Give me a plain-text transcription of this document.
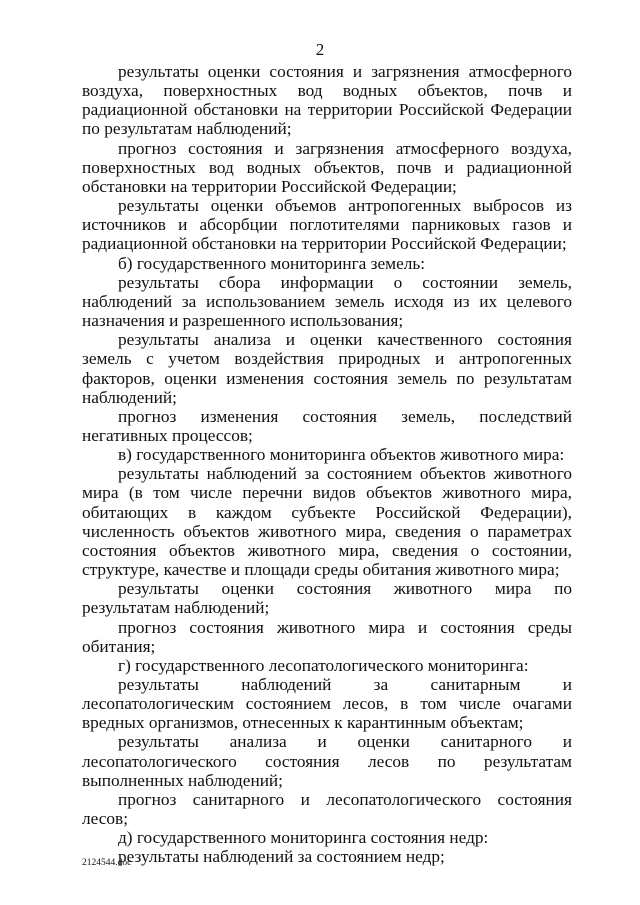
2

результаты оценки состояния и загрязнения атмосферного воздуха, поверхностных вод водных объектов, почв и радиационной обстановки на территории Российской Федерации по результатам наблюдений;

прогноз состояния и загрязнения атмосферного воздуха, поверхностных вод водных объектов, почв и радиационной обстановки на территории Российской Федерации;

результаты оценки объемов антропогенных выбросов из источников и абсорбции поглотителями парниковых газов и радиационной обстановки на территории Российской Федерации;

б) государственного мониторинга земель:

результаты сбора информации о состоянии земель, наблюдений за использованием земель исходя из их целевого назначения и разрешенного использования;

результаты анализа и оценки качественного состояния земель с учетом воздействия природных и антропогенных факторов, оценки изменения состояния земель по результатам наблюдений;

прогноз изменения состояния земель, последствий негативных процессов;

в) государственного мониторинга объектов животного мира:

результаты наблюдений за состоянием объектов животного мира (в том числе перечни видов объектов животного мира, обитающих в каждом субъекте Российской Федерации), численность объектов животного мира, сведения о параметрах состояния объектов животного мира, сведения о состоянии, структуре, качестве и площади среды обитания животного мира;

результаты оценки состояния животного мира по результатам наблюдений;

прогноз состояния животного мира и состояния среды обитания;

г) государственного лесопатологического мониторинга:

результаты наблюдений за санитарным и лесопатологическим состоянием лесов, в том числе очагами вредных организмов, отнесенных к карантинным объектам;

результаты анализа и оценки санитарного и лесопатологического состояния лесов по результатам выполненных наблюдений;

прогноз санитарного и лесопатологического состояния лесов;

д) государственного мониторинга состояния недр:

результаты наблюдений за состоянием недр;

2124544.doc
